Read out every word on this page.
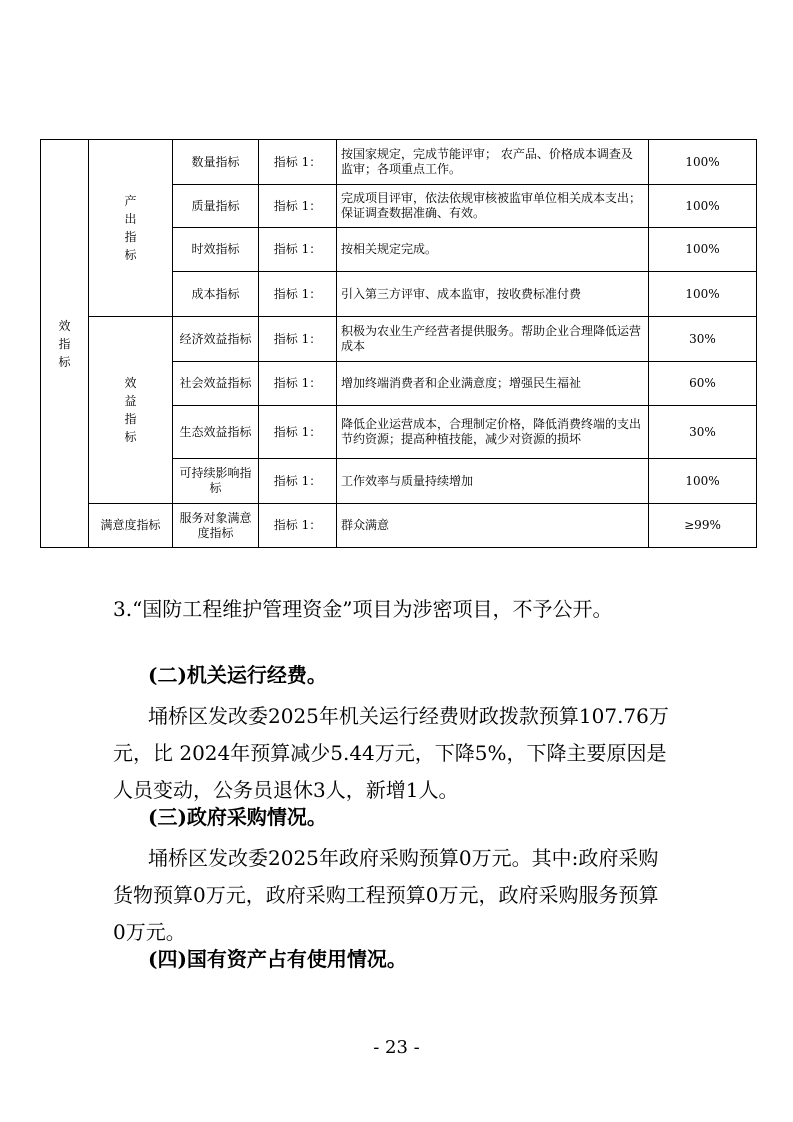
效指标	产出指标	数量指标	指标 1：	按国家规定，完成节能评审； 农产品、价格成本调查及监审；各项重点工作。	100%
		质量指标	指标 1：	完成项目评审，依法依规审核被监审单位相关成本支出；保证调查数据准确、有效。	100%
		时效指标	指标 1：	按相关规定完成。	100%
		成本指标	指标 1：	引入第三方评审、成本监审，按收费标准付费	100%
	效益指标	经济效益指标	指标 1：	积极为农业生产经营者提供服务。帮助企业合理降低运营成本	30%
		社会效益指标	指标 1：	增加终端消费者和企业满意度；增强民生福祉	60%
		生态效益指标	指标 1：	降低企业运营成本，合理制定价格，降低消费终端的支出节约资源；提高种植技能，减少对资源的损坏	30%
		可持续影响指标	指标 1：	工作效率与质量持续增加	100%
	满意度指标	服务对象满意度指标	指标 1：	群众满意	≥99%

3.“国防工程维护管理资金”项目为涉密项目，不予公开。

(二)机关运行经费。

埇桥区发改委2025年机关运行经费财政拨款预算107.76万

元，比 2024年预算减少5.44万元，下降5%，下降主要原因是

人员变动，公务员退休3人，新增1人。

(三)政府采购情况。

埇桥区发改委2025年政府采购预算0万元。其中:政府采购

货物预算0万元，政府采购工程预算0万元，政府采购服务预算

0万元。

(四)国有资产占有使用情况。

- 23 -
